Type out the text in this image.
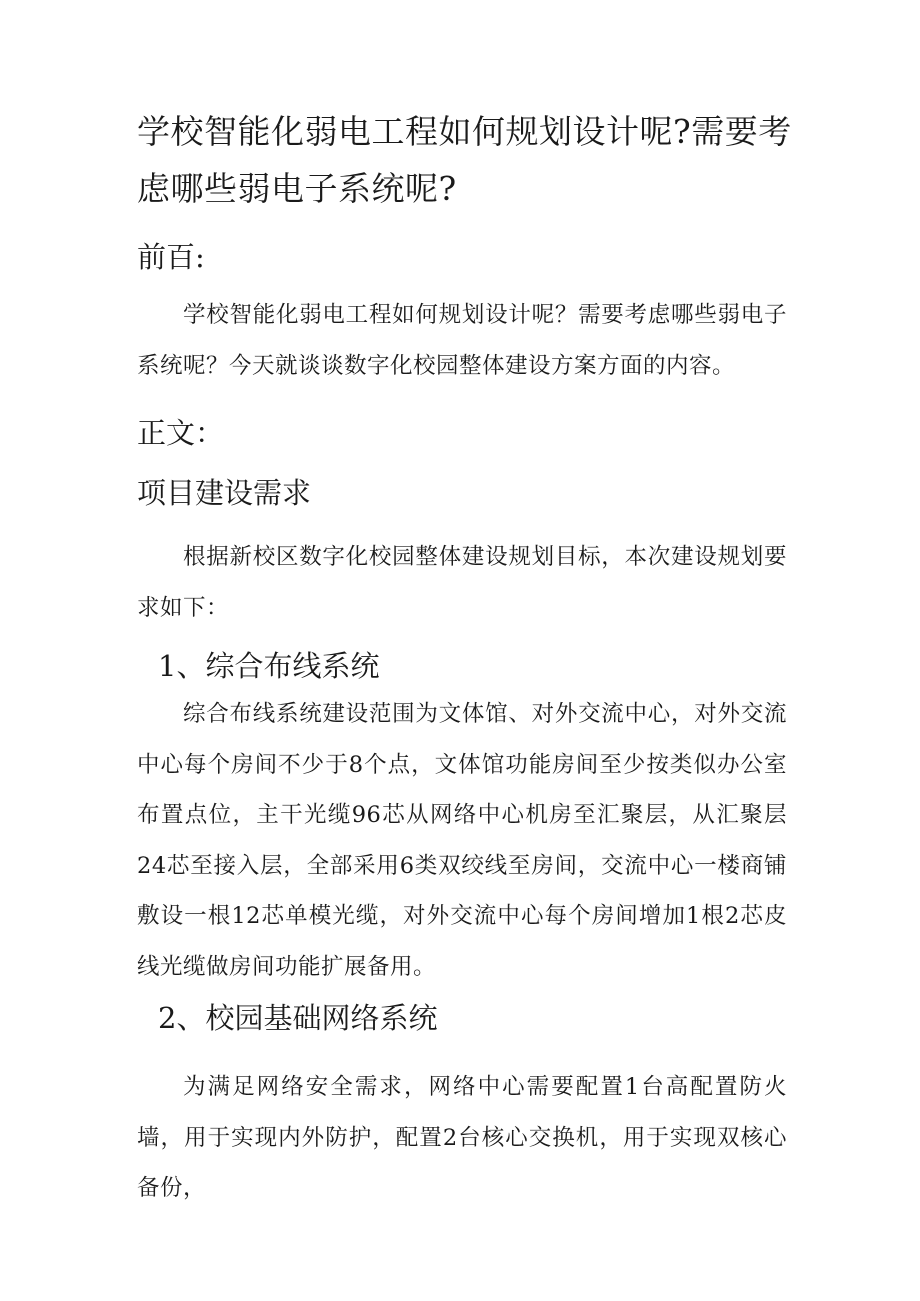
学校智能化弱电工程如何规划设计呢?需要考虑哪些弱电子系统呢?
前百:

学校智能化弱电工程如何规划设计呢？需要考虑哪些弱电子系统呢？今天就谈谈数字化校园整体建设方案方面的内容。

正文：
项目建设需求

根据新校区数字化校园整体建设规划目标，本次建设规划要求如下：

1、综合布线系统

综合布线系统建设范围为文体馆、对外交流中心，对外交流中心每个房间不少于8个点，文体馆功能房间至少按类似办公室布置点位，主干光缆96芯从网络中心机房至汇聚层，从汇聚层24芯至接入层，全部采用6类双绞线至房间，交流中心一楼商铺敷设一根12芯单模光缆，对外交流中心每个房间增加1根2芯皮线光缆做房间功能扩展备用。

2、校园基础网络系统

为满足网络安全需求，网络中心需要配置1台高配置防火墙，用于实现内外防护，配置2台核心交换机，用于实现双核心备份，
